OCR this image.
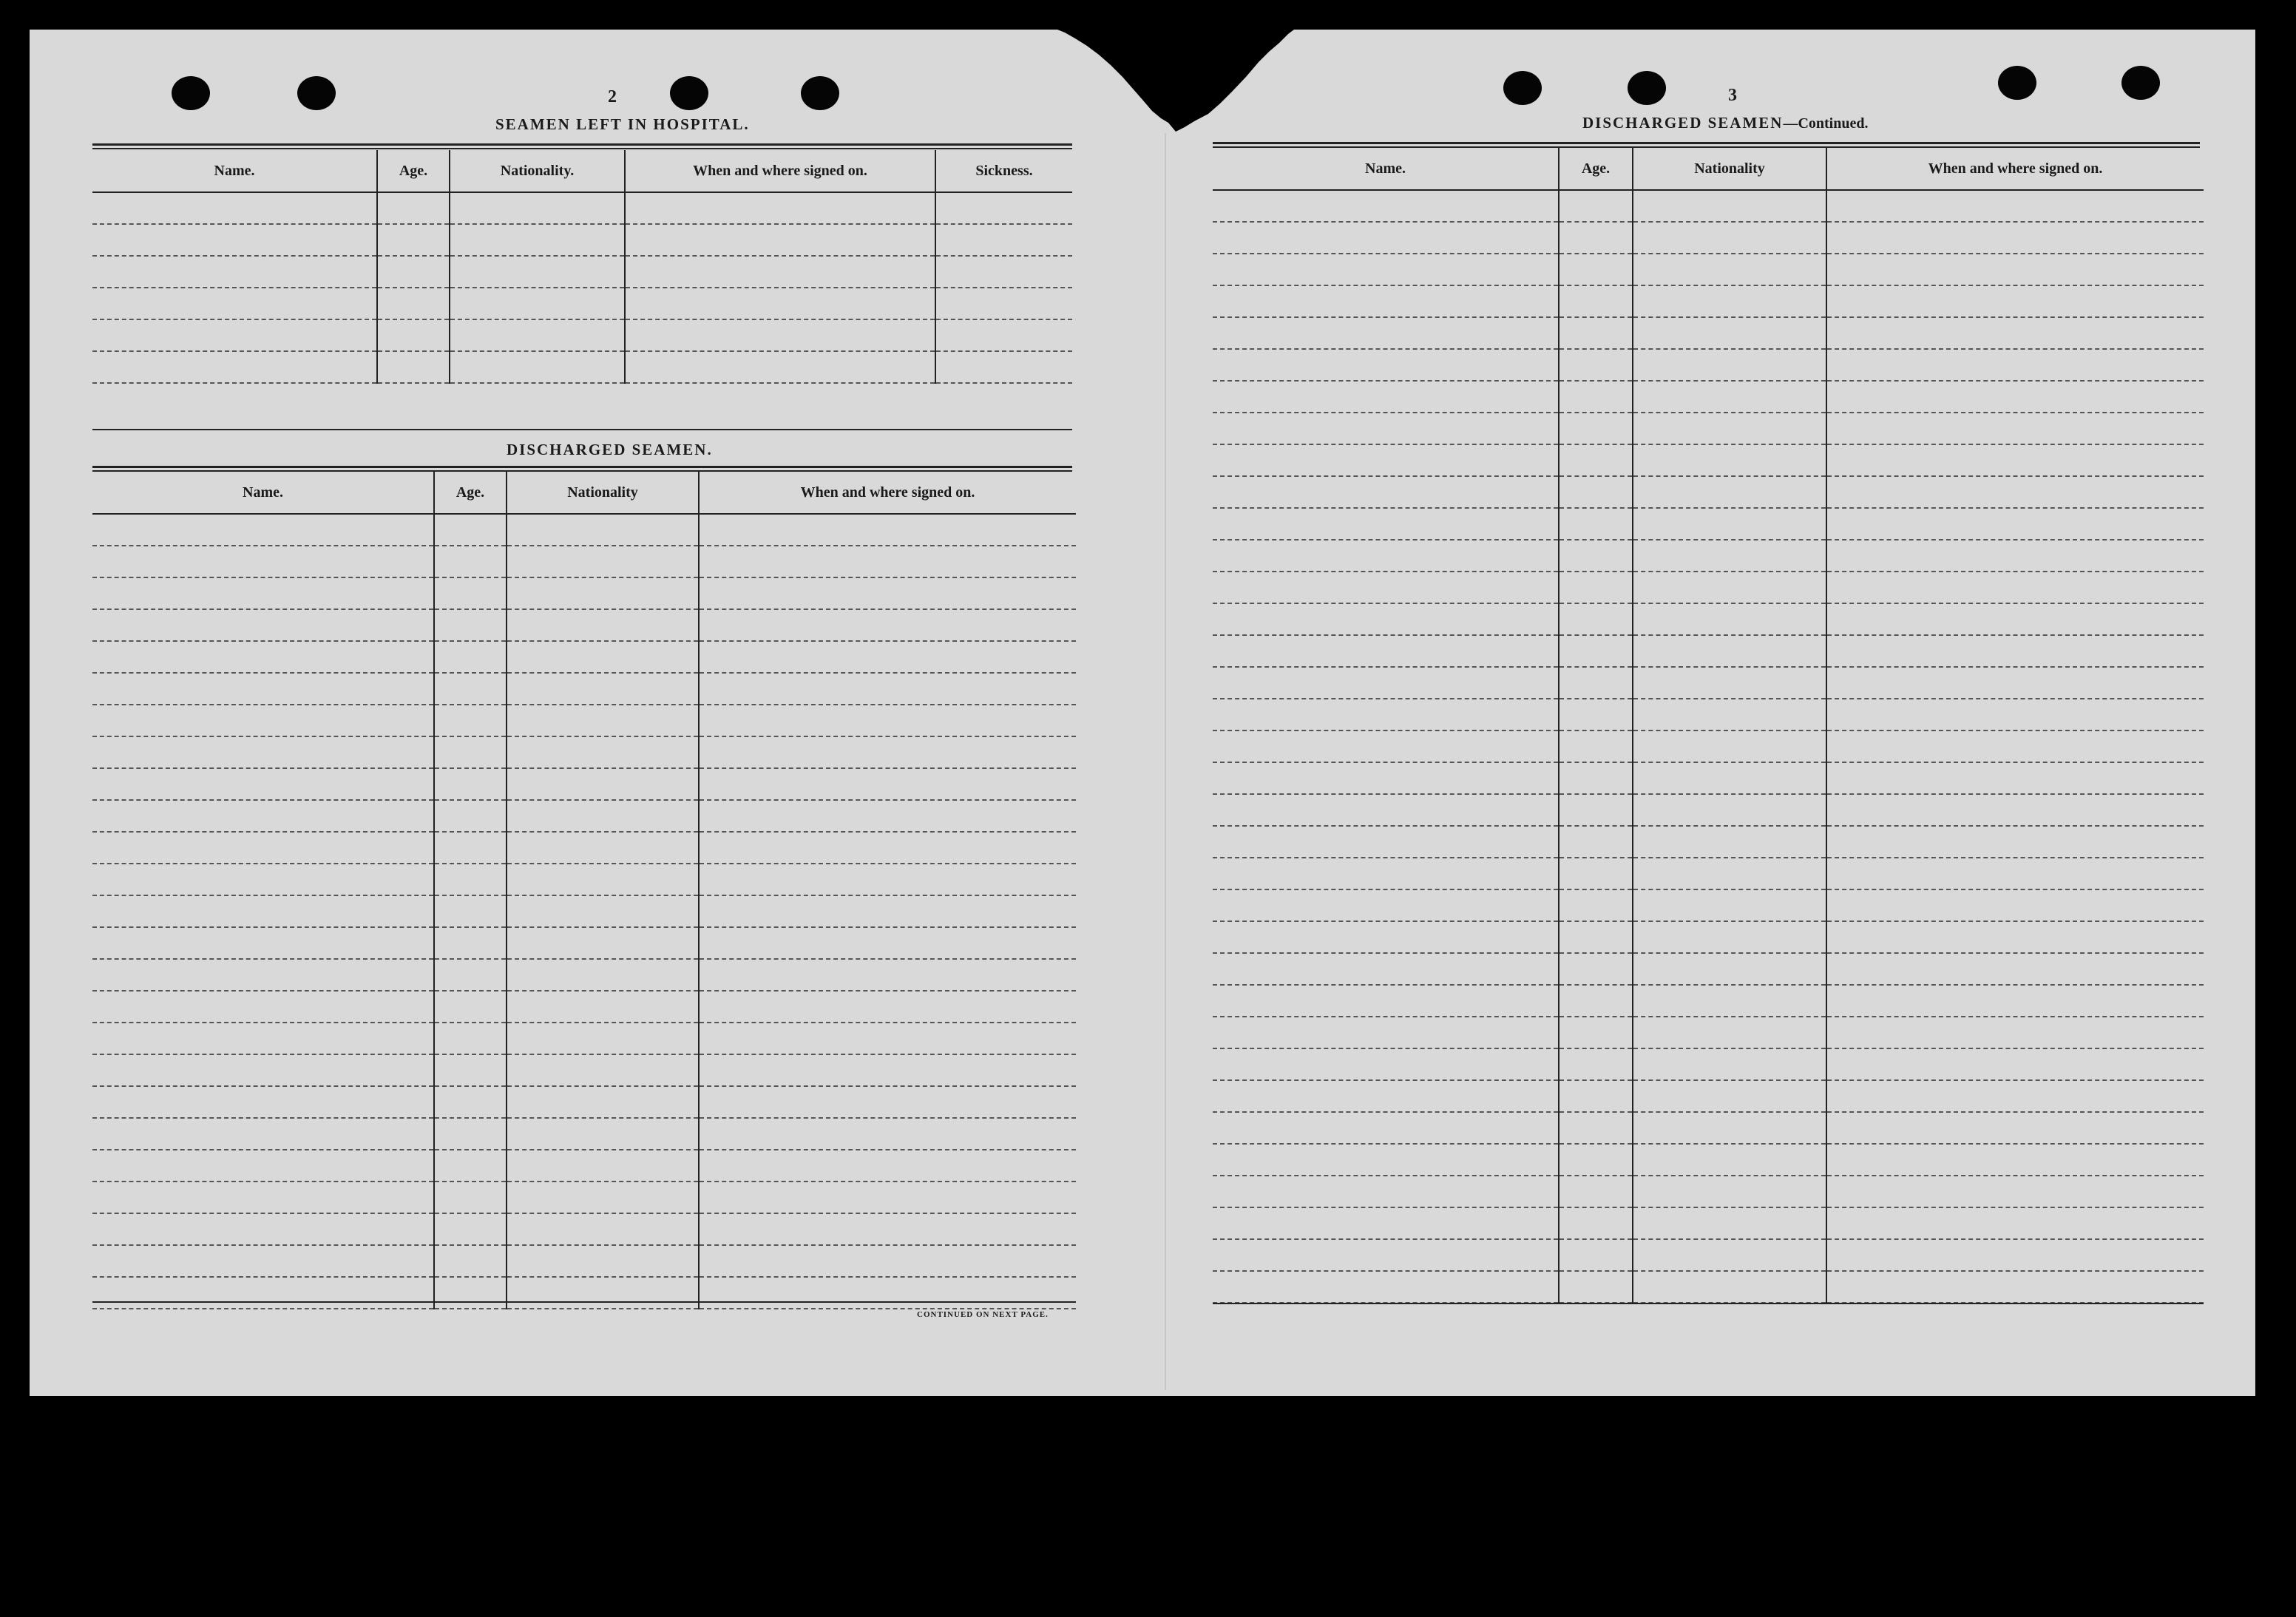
2
SEAMEN LEFT IN HOSPITAL.
Name.	Age.	Nationality.	When and where signed on.	Sickness.

DISCHARGED SEAMEN.
Name.	Age.	Nationality	When and where signed on.

CONTINUED ON NEXT PAGE.
3
DISCHARGED SEAMEN—Continued.
Name.	Age.	Nationality	When and where signed on.
